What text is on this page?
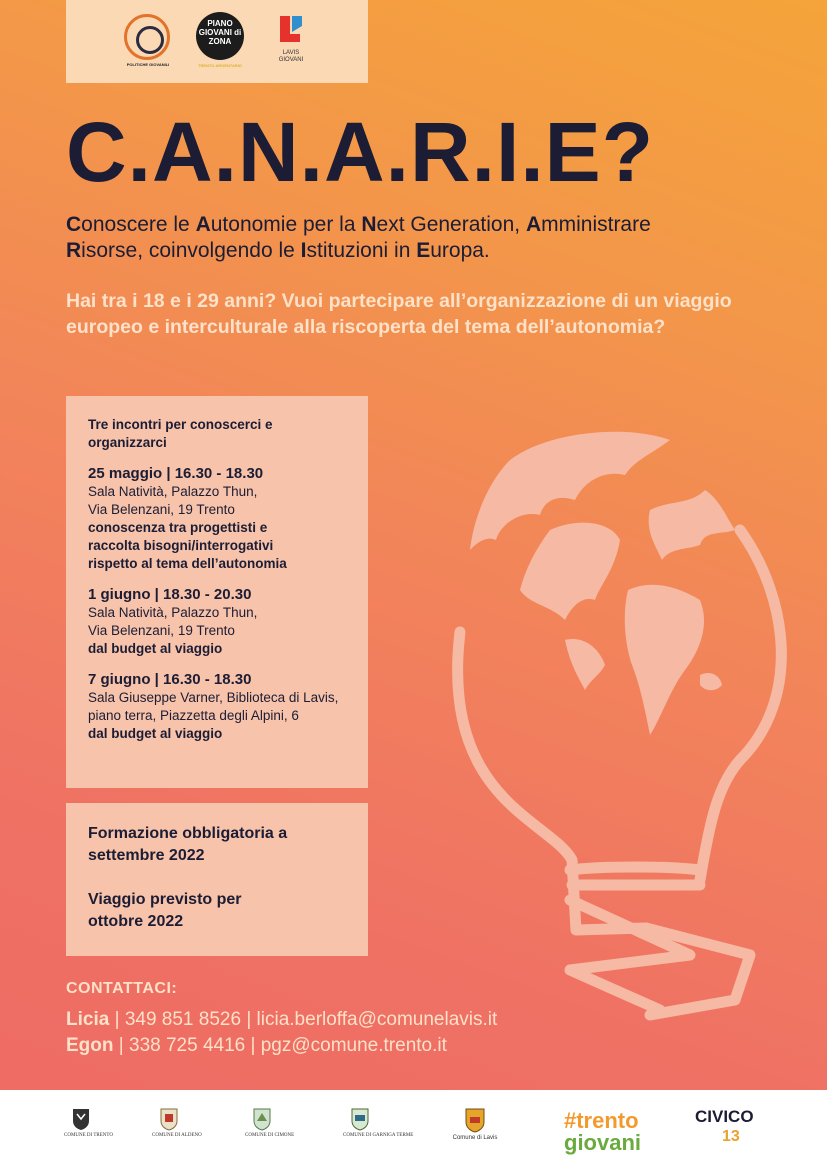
POLITICHE GIOVANILI
PIANO GIOVANI di ZONA
TRENTO ARGENTARIO
LAVIS GIOVANI
C.A.N.A.R.I.E?

Conoscere le Autonomie per la Next Generation, Amministrare
Risorse, coinvolgendo le Istituzioni in Europa.

Hai tra i 18 e i 29 anni? Vuoi partecipare all’organizzazione di un viaggio europeo e interculturale alla riscoperta del tema dell’autonomia?

Tre incontri per conoscerci e
organizzarci

25 maggio | 16.30 - 18.30

Sala Natività, Palazzo Thun,
Via Belenzani, 19 Trento

conoscenza tra progettisti e
raccolta bisogni/interrogativi
rispetto al tema dell’autonomia

1 giugno | 18.30 - 20.30

Sala Natività, Palazzo Thun,
Via Belenzani, 19 Trento

dal budget al viaggio

7 giugno | 16.30 - 18.30

Sala Giuseppe Varner, Biblioteca di Lavis,
piano terra, Piazzetta degli Alpini, 6

dal budget al viaggio

Formazione obbligatoria a
settembre 2022

Viaggio previsto per
ottobre 2022

CONTATTACI:

Licia | 349 851 8526 | licia.berloffa@comunelavis.it

Egon | 338 725 4416 | pgz@comune.trento.it

COMUNE DI TRENTO	COMUNE DI ALDENO	COMUNE DI CIMONE	COMUNE DI GARNIGA TERME	Comune di Lavis
#trento
giovani
CIVICO
13
